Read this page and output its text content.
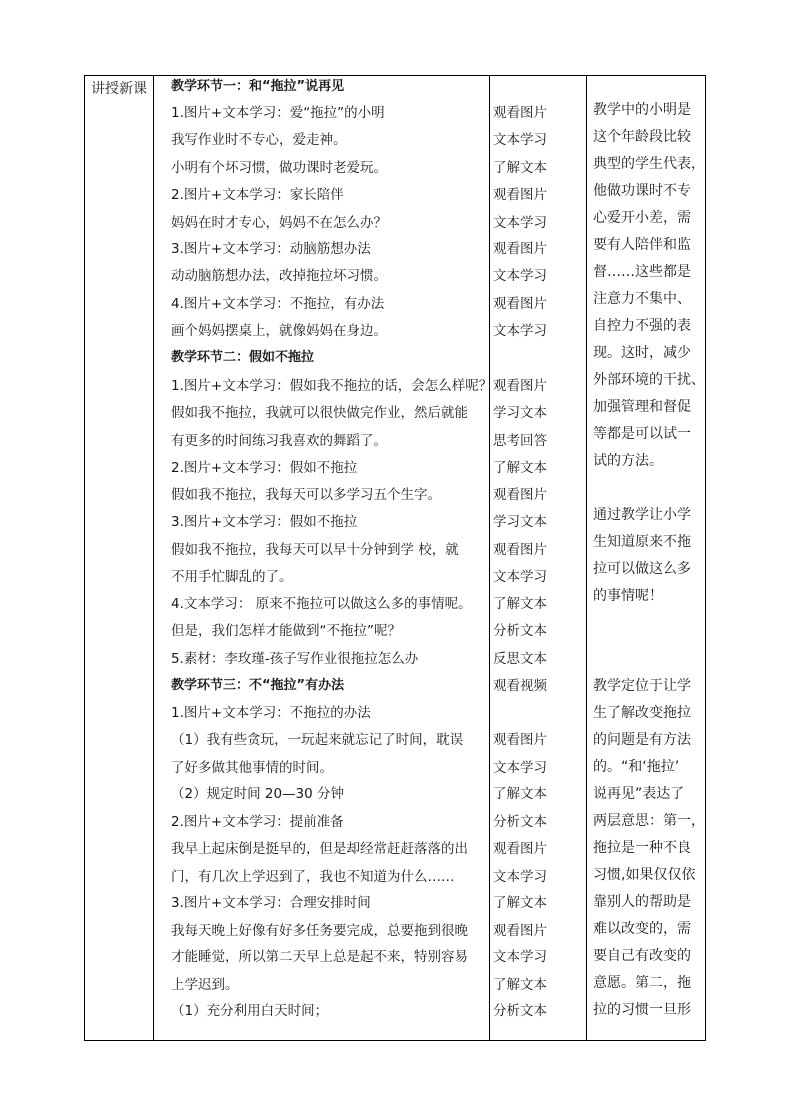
讲授新课	教学环节一：和“拖拉”说再见
1.图片+文本学习：爱“拖拉”的小明
我写作业时不专心，爱走神。
小明有个坏习惯，做功课时老爱玩。
2.图片+文本学习：家长陪伴
妈妈在时才专心，妈妈不在怎么办？
3.图片+文本学习：动脑筋想办法
动动脑筋想办法，改掉拖拉坏习惯。
4.图片+文本学习：不拖拉，有办法
画个妈妈摆桌上，就像妈妈在身边。
教学环节二：假如不拖拉
1.图片+文本学习：假如我不拖拉的话，会怎么样呢？
假如我不拖拉，我就可以很快做完作业，然后就能
有更多的时间练习我喜欢的舞蹈了。
2.图片+文本学习：假如不拖拉
假如我不拖拉，我每天可以多学习五个生字。
3.图片+文本学习：假如不拖拉
假如我不拖拉，我每天可以早十分钟到学 校，就
不用手忙脚乱的了。
4.文本学习： 原来不拖拉可以做这么多的事情呢。
但是，我们怎样才能做到“不拖拉”呢？
5.素材：李玫瑾-孩子写作业很拖拉怎么办
教学环节三：不“拖拉”有办法
1.图片+文本学习：不拖拉的办法
（1）我有些贪玩，一玩起来就忘记了时间，耽误
了好多做其他事情的时间。
（2）规定时间 20—30 分钟
2.图片+文本学习：提前准备
我早上起床倒是挺早的，但是却经常赶赶落落的出
门，有几次上学迟到了，我也不知道为什么……
3.图片+文本学习：合理安排时间
我每天晚上好像有好多任务要完成，总要拖到很晚
才能睡觉，所以第二天早上总是起不来，特别容易
上学迟到。
（1）充分利用白天时间；
观看图片
文本学习
了解文本
观看图片
文本学习
观看图片
文本学习
观看图片
文本学习
观看图片
学习文本
思考回答
了解文本
观看图片
学习文本
观看图片
文本学习
了解文本
分析文本
反思文本
观看视频
观看图片
文本学习
了解文本
分析文本
观看图片
文本学习
了解文本
观看图片
文本学习
了解文本
分析文本
教学中的小明是
这个年龄段比较
典型的学生代表，
他做功课时不专
心爱开小差，需
要有人陪伴和监
督……这些都是
注意力不集中、
自控力不强的表
现。这时，减少
外部环境的干扰、
加强管理和督促
等都是可以试一
试的方法。
通过教学让小学
生知道原来不拖
拉可以做这么多
的事情呢！
教学定位于让学
生了解改变拖拉
的问题是有方法
的。“和‘拖拉’
说再见”表达了
两层意思：第一，
拖拉是一种不良
习惯,如果仅仅依
靠别人的帮助是
难以改变的，需
要自己有改变的
意愿。第二，拖
拉的习惯一旦形
